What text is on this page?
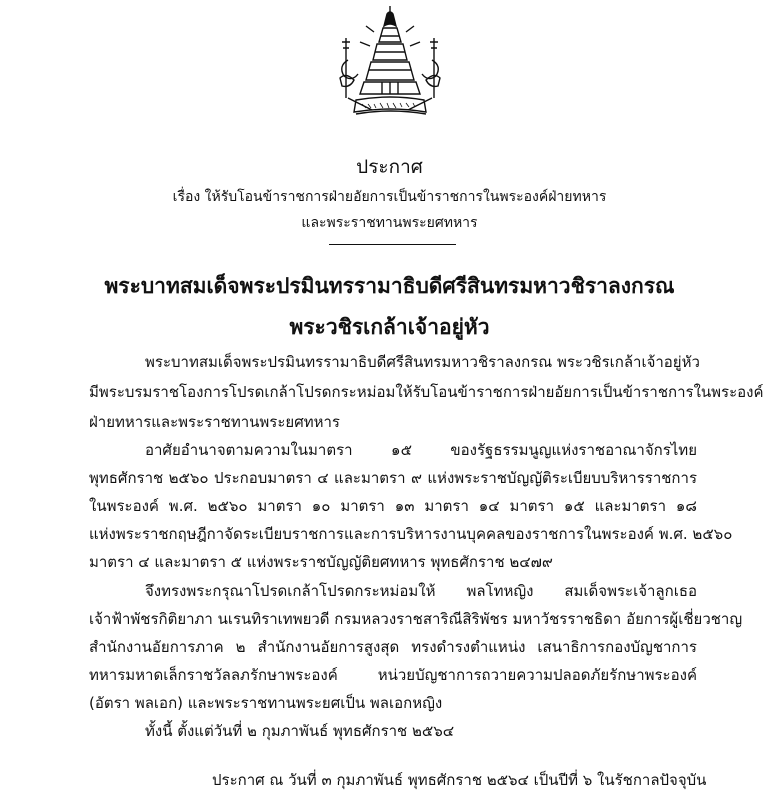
ประกาศ
เรื่อง ให้รับโอนข้าราชการฝ่ายอัยการเป็นข้าราชการในพระองค์ฝ่ายทหาร
และพระราชทานพระยศทหาร
พระบาทสมเด็จพระปรมินทรรามาธิบดีศรีสินทรมหาวชิราลงกรณ
พระวชิรเกล้าเจ้าอยู่หัว
พระบาทสมเด็จพระปรมินทรรามาธิบดีศรีสินทรมหาวชิราลงกรณ พระวชิรเกล้าเจ้าอยู่หัว
มีพระบรมราชโองการโปรดเกล้าโปรดกระหม่อมให้รับโอนข้าราชการฝ่ายอัยการเป็นข้าราชการในพระองค์
ฝ่ายทหารและพระราชทานพระยศทหาร
อาศัยอำนาจตามความในมาตรา ๑๕ ของรัฐธรรมนูญแห่งราชอาณาจักรไทย
พุทธศักราช ๒๕๖๐ ประกอบมาตรา ๔ และมาตรา ๙ แห่งพระราชบัญญัติระเบียบบริหารราชการ
ในพระองค์ พ.ศ. ๒๕๖๐ มาตรา ๑๐ มาตรา ๑๓ มาตรา ๑๔ มาตรา ๑๕ และมาตรา ๑๘
แห่งพระราชกฤษฎีกาจัดระเบียบราชการและการบริหารงานบุคคลของราชการในพระองค์ พ.ศ. ๒๕๖๐
มาตรา ๔ และมาตรา ๕ แห่งพระราชบัญญัติยศทหาร พุทธศักราช ๒๔๗๙
จึงทรงพระกรุณาโปรดเกล้าโปรดกระหม่อมให้ พลโทหญิง สมเด็จพระเจ้าลูกเธอ
เจ้าฟ้าพัชรกิติยาภา นเรนทิราเทพยวดี กรมหลวงราชสาริณีสิริพัชร มหาวัชรราชธิดา อัยการผู้เชี่ยวชาญ
สำนักงานอัยการภาค ๒ สำนักงานอัยการสูงสุด ทรงดำรงตำแหน่ง เสนาธิการกองบัญชาการ
ทหารมหาดเล็กราชวัลลภรักษาพระองค์ หน่วยบัญชาการถวายความปลอดภัยรักษาพระองค์
(อัตรา พลเอก) และพระราชทานพระยศเป็น พลเอกหญิง
ทั้งนี้ ตั้งแต่วันที่ ๒ กุมภาพันธ์ พุทธศักราช ๒๕๖๔
ประกาศ ณ วันที่ ๓ กุมภาพันธ์ พุทธศักราช ๒๕๖๔ เป็นปีที่ ๖ ในรัชกาลปัจจุบัน
